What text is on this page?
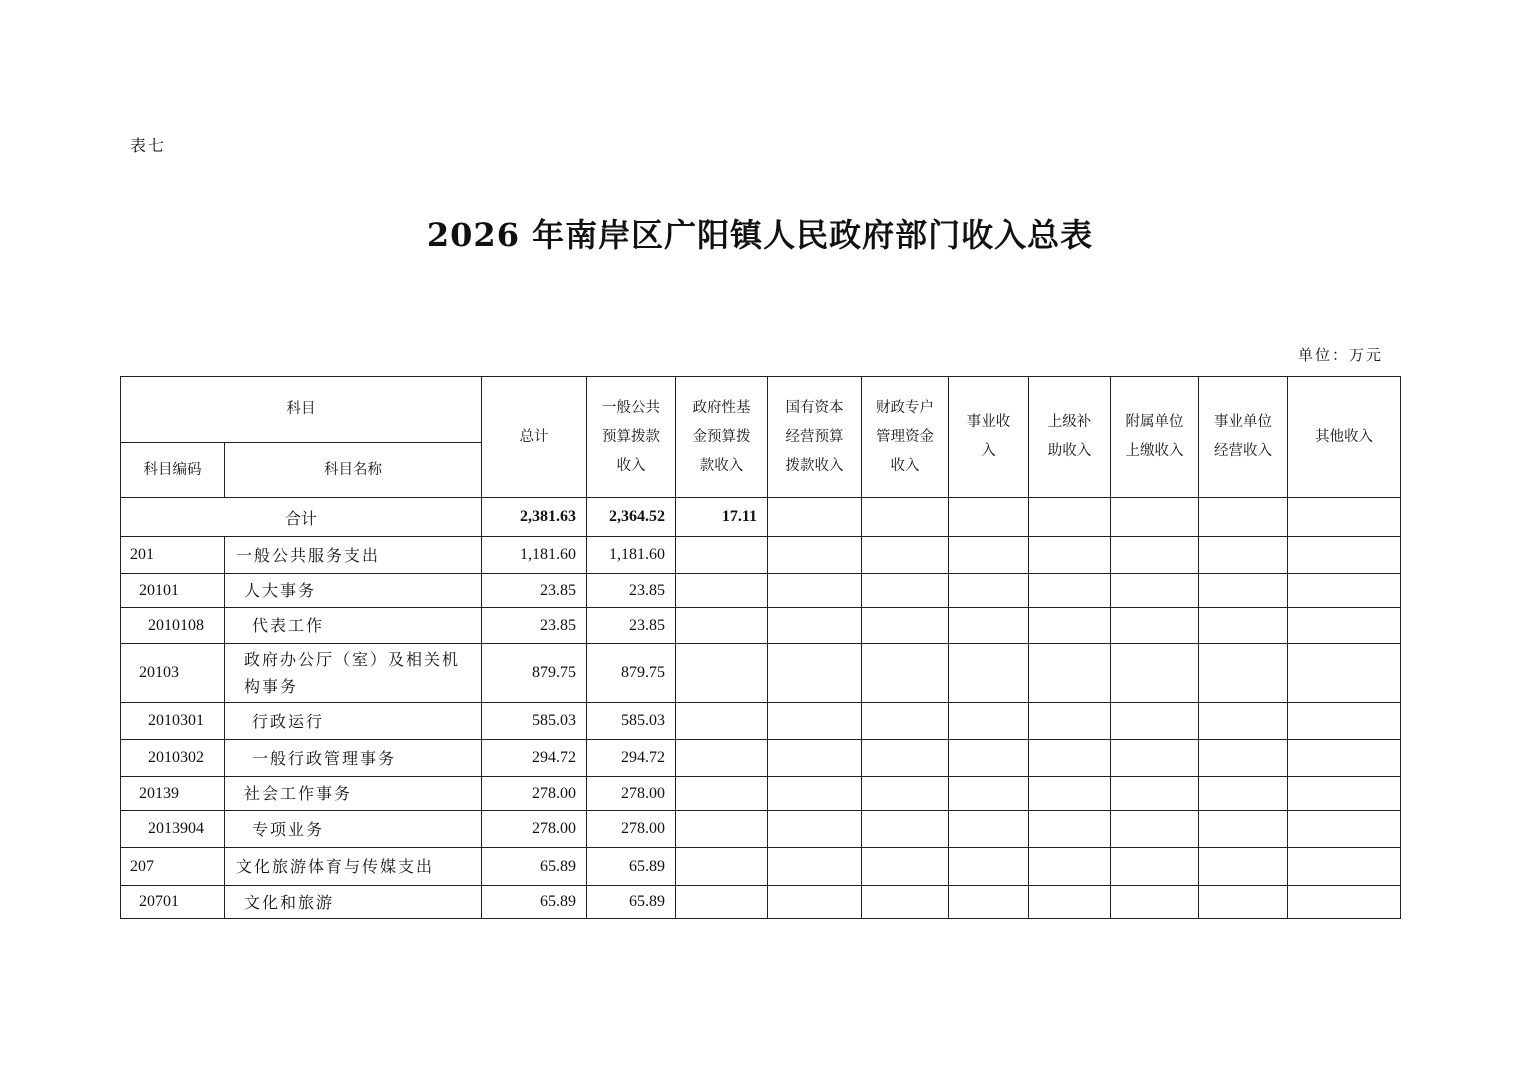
表七
2026 年南岸区广阳镇人民政府部门收入总表
单位：万元
科目		总计	一般公共预算拨款收入	政府性基金预算拨款收入	国有资本经营预算拨款收入	财政专户管理资金收入	事业收入	上级补助收入	附属单位上缴收入	事业单位经营收入	其他收入
科目编码	科目名称										
合计		2,381.63	2,364.52	17.11							
201	一般公共服务支出	1,181.60	1,181.60								
20101	人大事务	23.85	23.85								
2010108	代表工作	23.85	23.85								
20103	政府办公厅（室）及相关机构事务	879.75	879.75								
2010301	行政运行	585.03	585.03								
2010302	一般行政管理事务	294.72	294.72								
20139	社会工作事务	278.00	278.00								
2013904	专项业务	278.00	278.00								
207	文化旅游体育与传媒支出	65.89	65.89								
20701	文化和旅游	65.89	65.89								
